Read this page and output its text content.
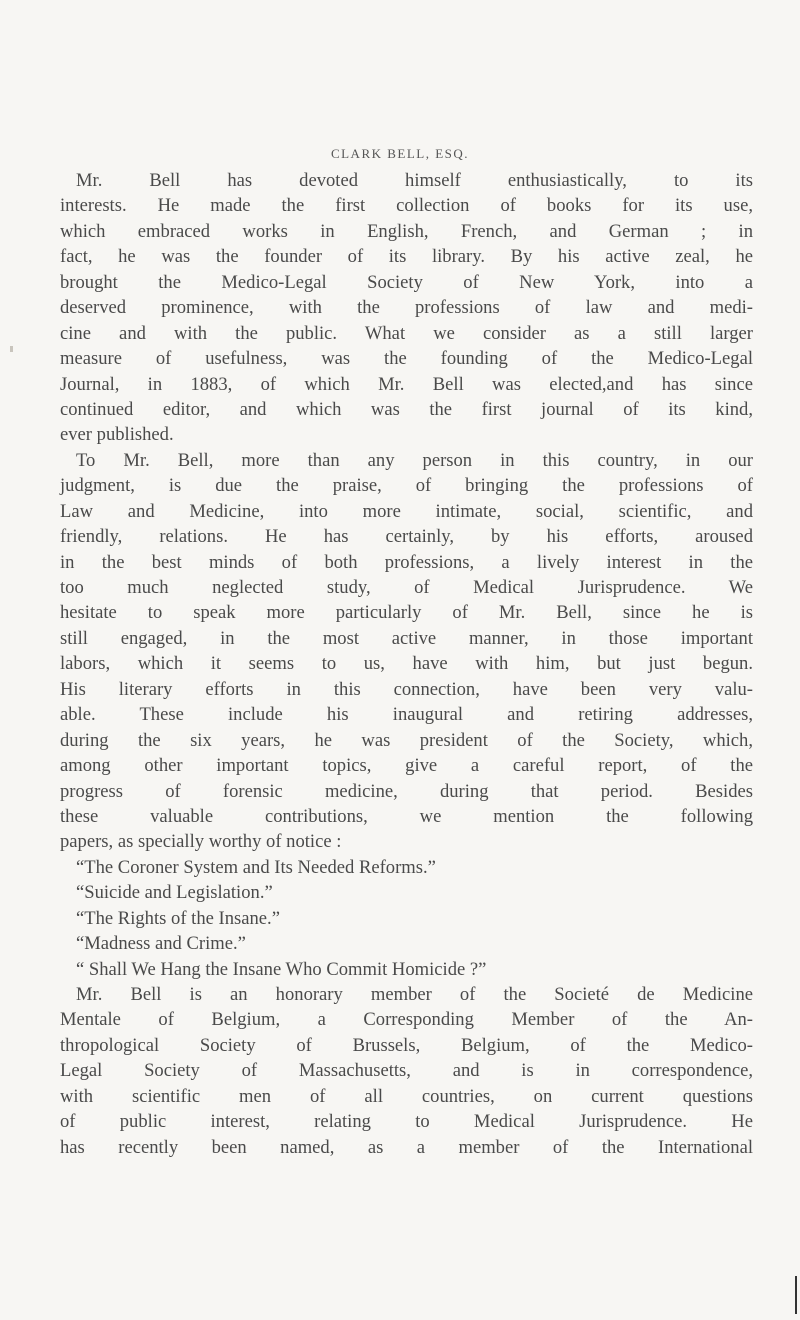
CLARK BELL, ESQ.
Mr. Bell has devoted himself enthusiastically, to its
interests. He made the first collection of books for its use,
which embraced works in English, French, and German ; in
fact, he was the founder of its library. By his active zeal, he
brought the Medico-Legal Society of New York, into a
deserved prominence, with the professions of law and medi-
cine and with the public. What we consider as a still larger
measure of usefulness, was the founding of the Medico-Legal
Journal, in 1883, of which Mr. Bell was elected,and has since
continued editor, and which was the first journal of its kind,
ever published.
To Mr. Bell, more than any person in this country, in our
judgment, is due the praise, of bringing the professions of
Law and Medicine, into more intimate, social, scientific, and
friendly, relations. He has certainly, by his efforts, aroused
in the best minds of both professions, a lively interest in the
too much neglected study, of Medical Jurisprudence. We
hesitate to speak more particularly of Mr. Bell, since he is
still engaged, in the most active manner, in those important
labors, which it seems to us, have with him, but just begun.
His literary efforts in this connection, have been very valu-
able. These include his inaugural and retiring addresses,
during the six years, he was president of the Society, which,
among other important topics, give a careful report, of the
progress of forensic medicine, during that period. Besides
these valuable contributions, we mention the following
papers, as specially worthy of notice :
“The Coroner System and Its Needed Reforms.”
“Suicide and Legislation.”
“The Rights of the Insane.”
“Madness and Crime.”
“ Shall We Hang the Insane Who Commit Homicide ?”
Mr. Bell is an honorary member of the Societé de Medicine
Mentale of Belgium, a Corresponding Member of the An-
thropological Society of Brussels, Belgium, of the Medico-
Legal Society of Massachusetts, and is in correspondence,
with scientific men of all countries, on current questions
of public interest, relating to Medical Jurisprudence. He
has recently been named, as a member of the International
